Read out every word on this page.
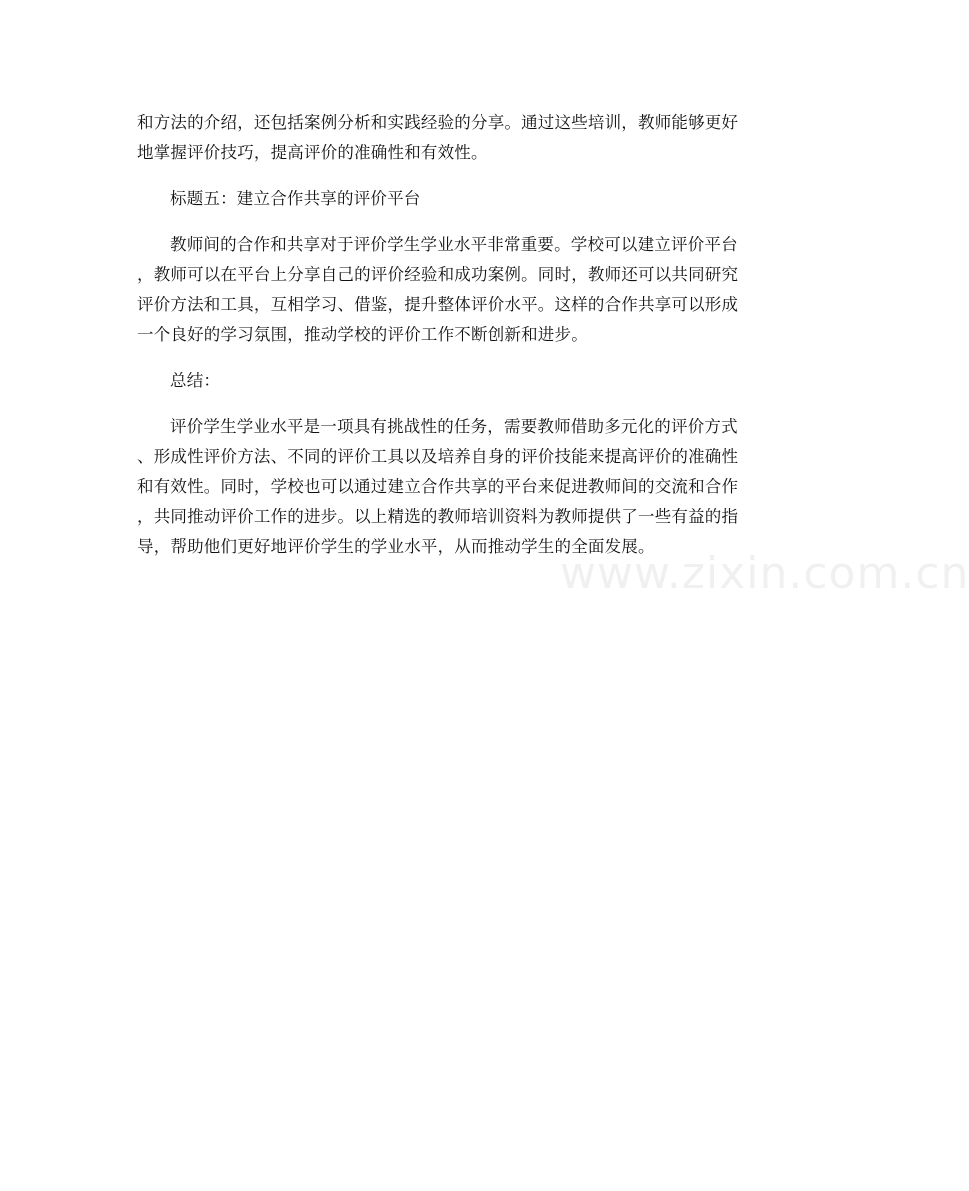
和方法的介绍，还包括案例分析和实践经验的分享。通过这些培训，教师能够更好
地掌握评价技巧，提高评价的准确性和有效性。
标题五：建立合作共享的评价平台
教师间的合作和共享对于评价学生学业水平非常重要。学校可以建立评价平台
，教师可以在平台上分享自己的评价经验和成功案例。同时，教师还可以共同研究
评价方法和工具，互相学习、借鉴，提升整体评价水平。这样的合作共享可以形成
一个良好的学习氛围，推动学校的评价工作不断创新和进步。
总结：
评价学生学业水平是一项具有挑战性的任务，需要教师借助多元化的评价方式
、形成性评价方法、不同的评价工具以及培养自身的评价技能来提高评价的准确性
和有效性。同时，学校也可以通过建立合作共享的平台来促进教师间的交流和合作
，共同推动评价工作的进步。以上精选的教师培训资料为教师提供了一些有益的指
导，帮助他们更好地评价学生的学业水平，从而推动学生的全面发展。
www.zixin.com.cn
